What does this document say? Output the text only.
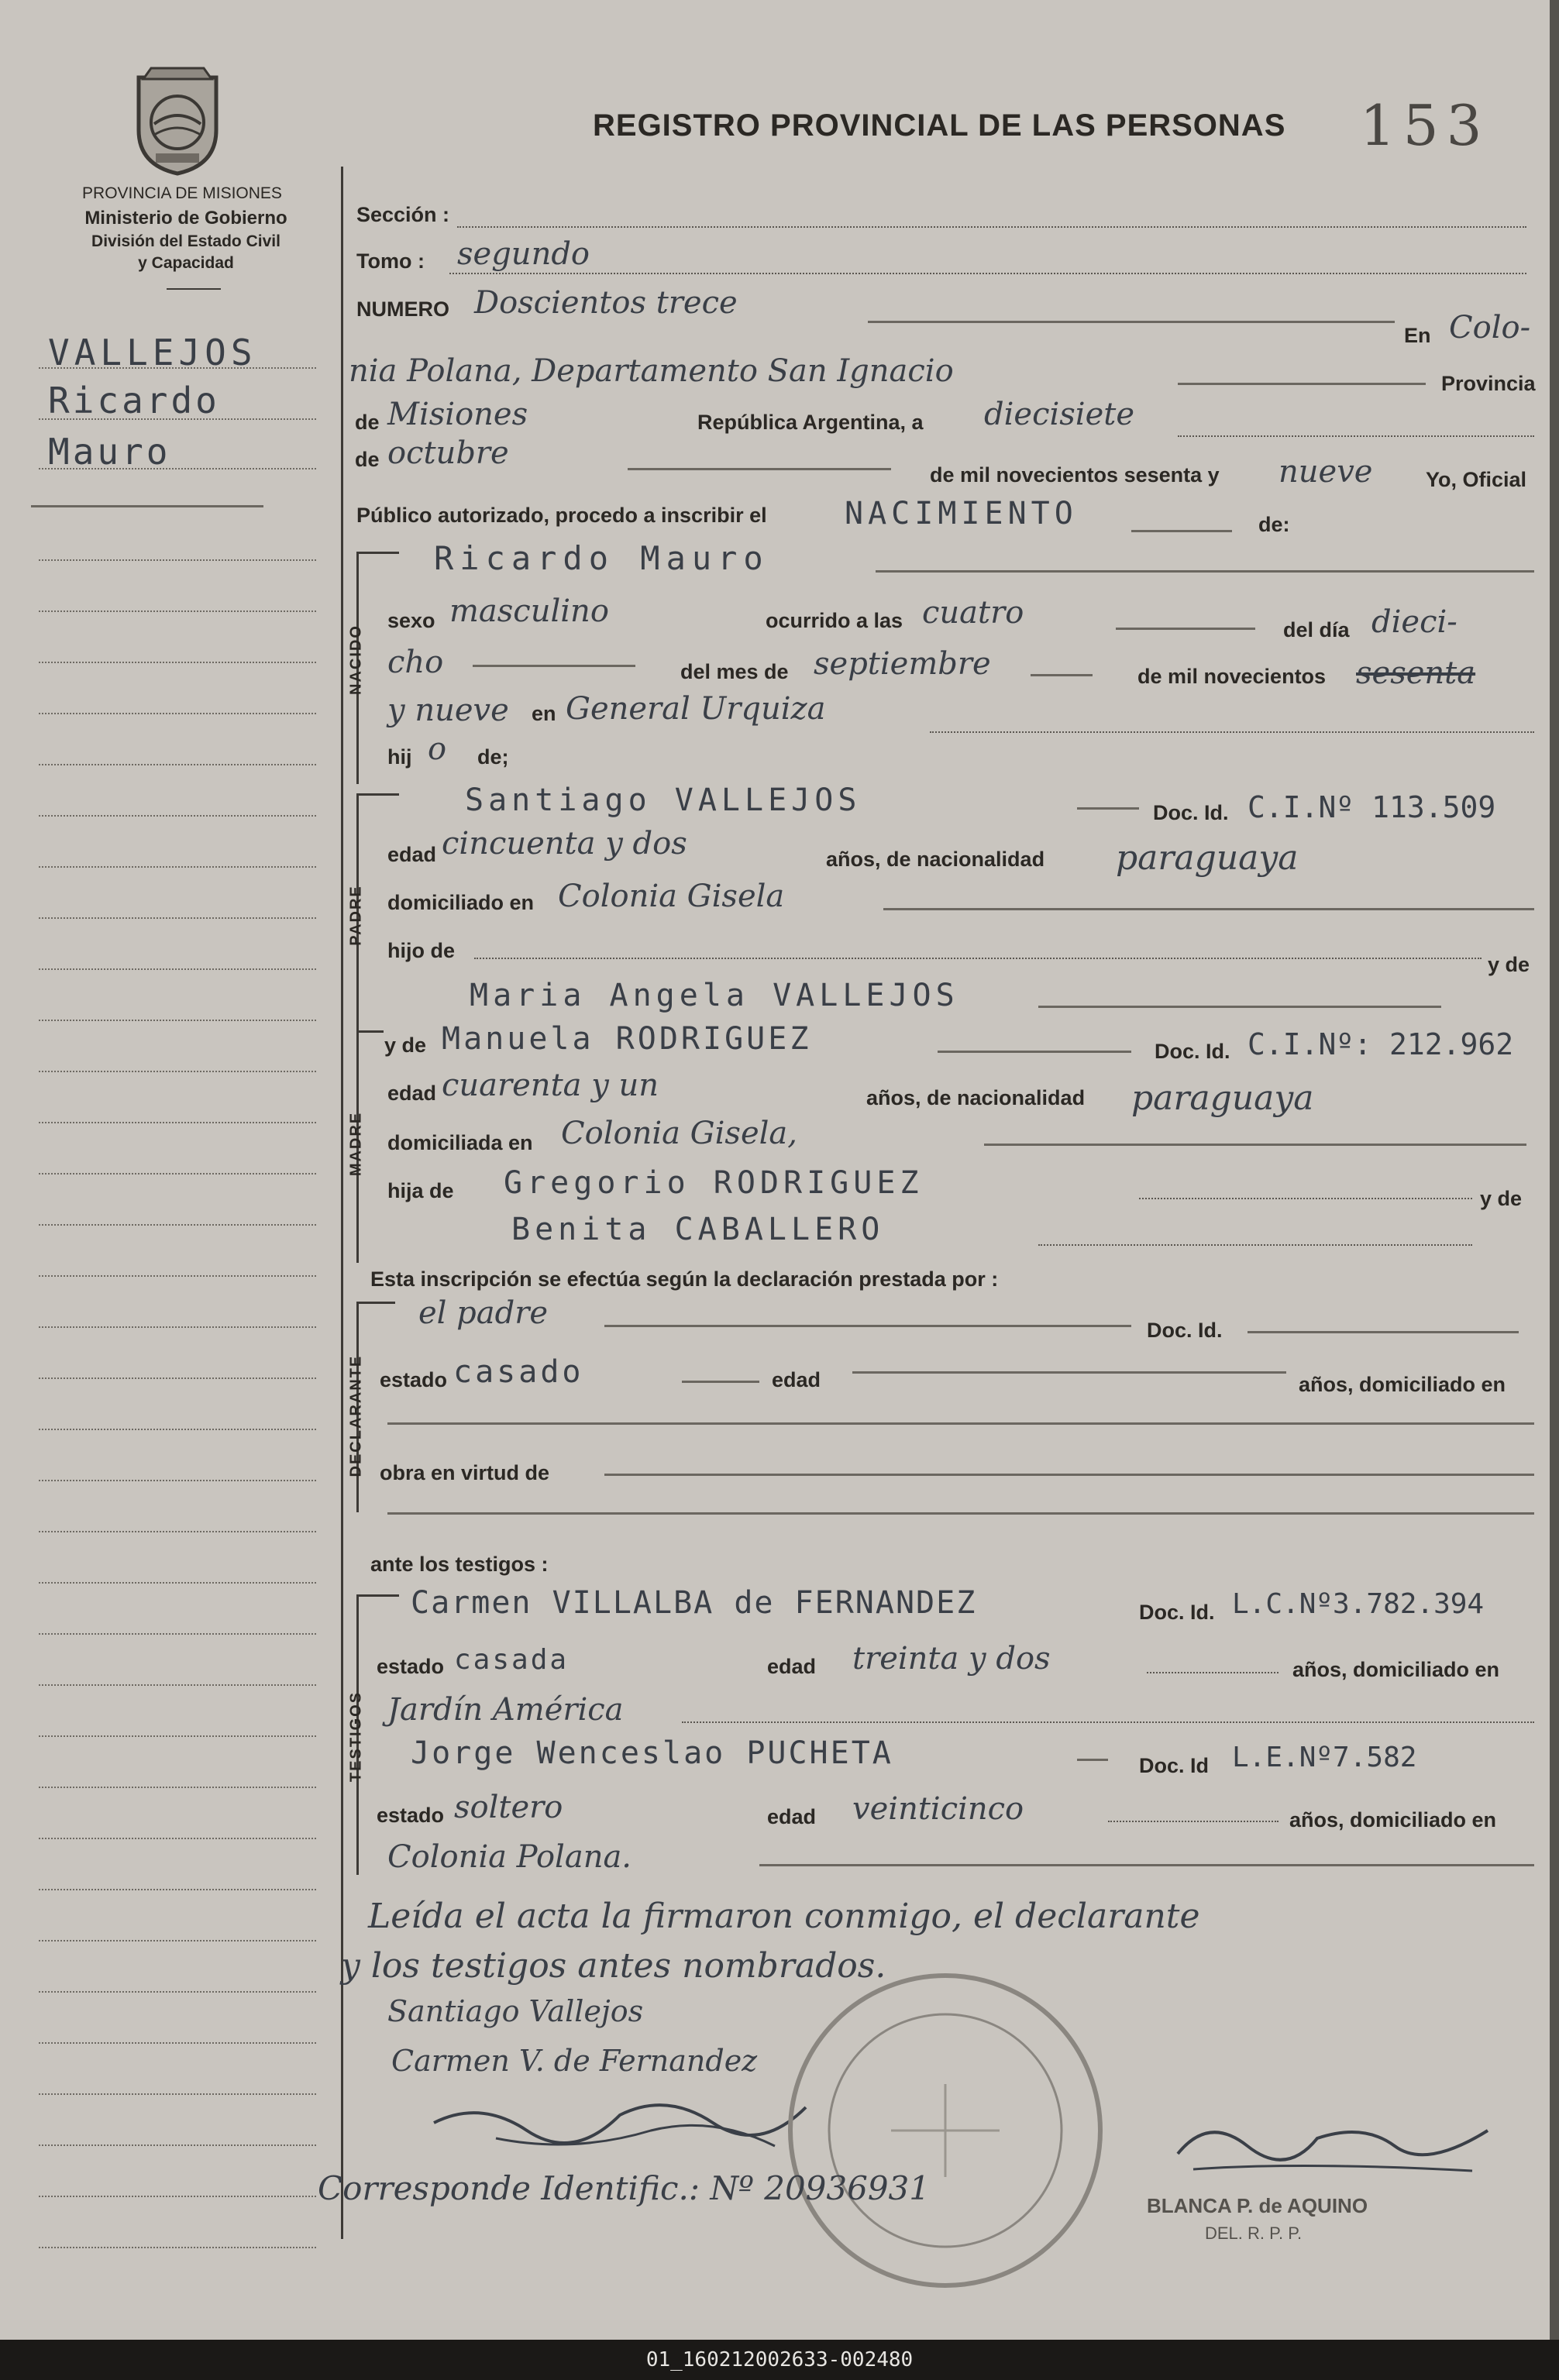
PROVINCIA DE MISIONES
Ministerio de Gobierno
División del Estado Civil
y Capacidad
REGISTRO PROVINCIAL DE LAS PERSONAS 153
VALLEJOS
Ricardo
Mauro
Sección :
Tomo : segundo
NUMERO Doscientos trece
En Colo-
nia Polana, Departamento San Ignacio	Provincia
de Misiones	República Argentina, a diecisiete
de octubre
de mil novecientos sesenta y nueve	Yo, Oficial
Público autorizado, procedo a inscribir el	NACIMIENTO	de:
NACIDO
Ricardo Mauro
sexo masculino	ocurrido a las cuatro	del día dieci-
cho	del mes de septiembre	de mil novecientos sesenta
y nueve en General Urquiza
hij o de;
PADRE
Santiago VALLEJOS	Doc. Id. C.I.Nº 113.509
edad cincuenta y dos	años, de nacionalidad paraguaya
domiciliado en Colonia Gisela
hijo de
y de
Maria Angela VALLEJOS
MADRE
y de Manuela RODRIGUEZ	Doc. Id. C.I.Nº: 212.962
edad cuarenta y un	años, de nacionalidad paraguaya
domiciliada en Colonia Gisela,
hija de Gregorio RODRIGUEZ	y de
Benita CABALLERO
Esta inscripción se efectúa según la declaración prestada por :
DECLARANTE
el padre	Doc. Id.
estado casado	edad	años, domiciliado en
obra en virtud de
ante los testigos :
TESTIGOS
Carmen VILLALBA de FERNANDEZ	Doc. Id. L.C.Nº3.782.394
estado casada	edad treinta y dos	años, domiciliado en
Jardín América
Jorge Wenceslao PUCHETA	Doc. Id L.E.Nº7.582
estado soltero	edad veinticinco	años, domiciliado en
Colonia Polana.
Leída el acta la firmaron conmigo, el declarante
y los testigos antes nombrados.
Santiago Vallejos
Carmen V. de Fernandez
Corresponde Identific.: Nº 20936931	BLANCA P. de AQUINO
DEL. R. P. P.
01_160212002633-002480
